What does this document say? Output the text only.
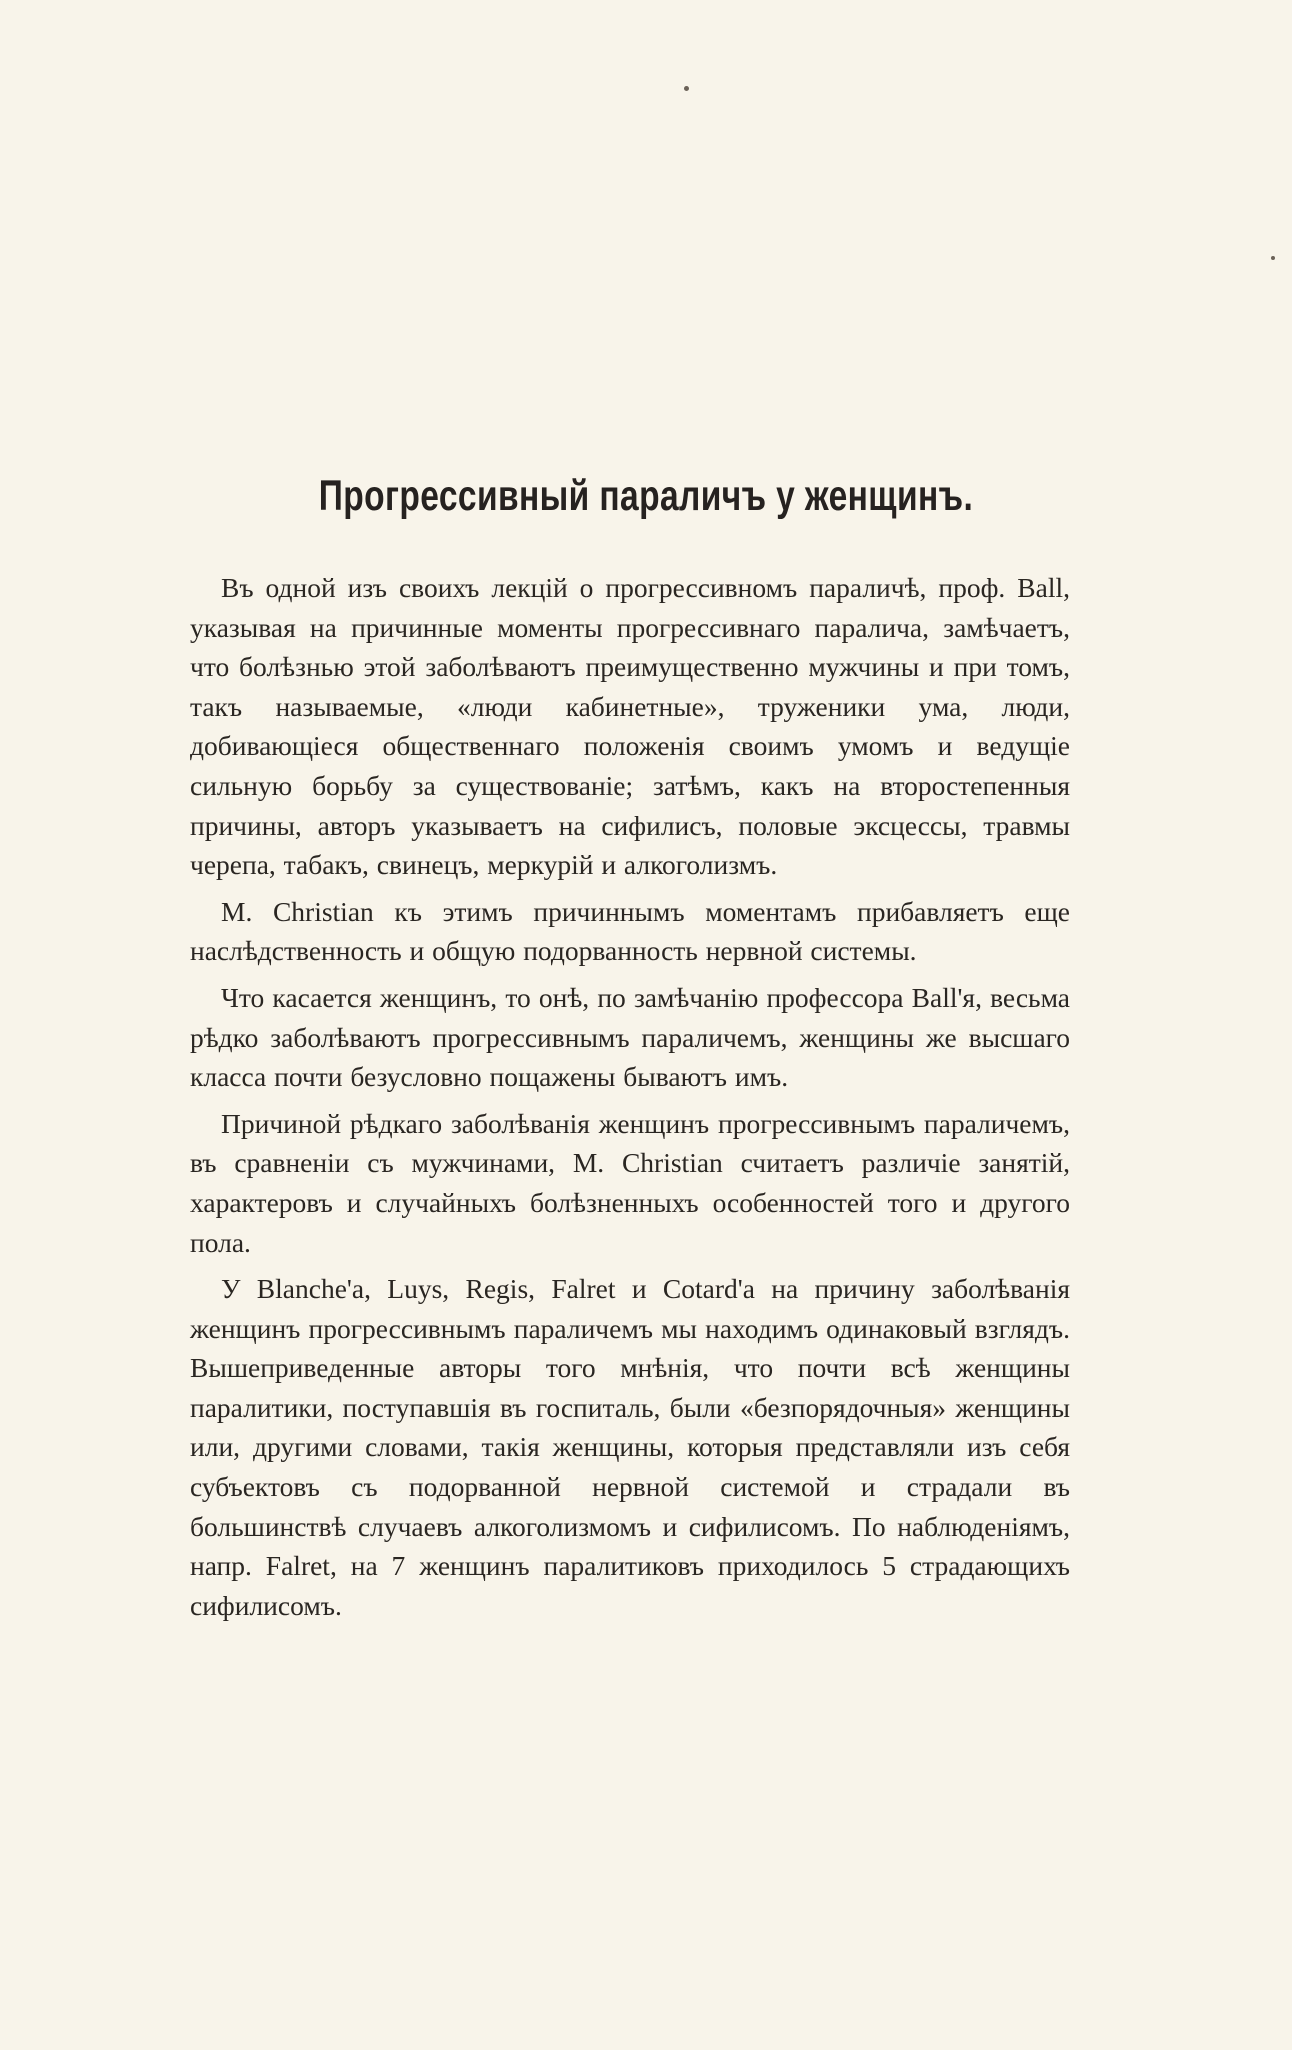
Прогрессивный параличъ у женщинъ.

Въ одной изъ своихъ лекцій о прогрессивномъ параличѣ, проф. Ball, указывая на причинные моменты прогрессивнаго паралича, замѣчаетъ, что болѣзнью этой заболѣваютъ преимущественно мужчины и при томъ, такъ называемые, «люди кабинетные», труженики ума, люди, добивающіеся общественнаго положенія своимъ умомъ и ведущіе сильную борьбу за существованіе; затѣмъ, какъ на второстепенныя причины, авторъ указываетъ на сифилисъ, половые эксцессы, травмы черепа, табакъ, свинецъ, меркурій и алкоголизмъ.

M. Christian къ этимъ причиннымъ моментамъ прибавляетъ еще наслѣдственность и общую подорванность нервной системы.

Что касается женщинъ, то онѣ, по замѣчанію профессора Ball'я, весьма рѣдко заболѣваютъ прогрессивнымъ параличемъ, женщины же высшаго класса почти безусловно пощажены бываютъ имъ.

Причиной рѣдкаго заболѣванія женщинъ прогрессивнымъ параличемъ, въ сравненіи съ мужчинами, M. Christian считаетъ различіе занятій, характеровъ и случайныхъ болѣзненныхъ особенностей того и другого пола.

У Blanche'a, Luys, Regis, Falret и Cotard'a на причину заболѣванія женщинъ прогрессивнымъ параличемъ мы находимъ одинаковый взглядъ. Вышеприведенные авторы того мнѣнія, что почти всѣ женщины паралитики, поступавшія въ госпиталь, были «безпорядочныя» женщины или, другими словами, такія женщины, которыя представляли изъ себя субъектовъ съ подорванной нервной системой и страдали въ большинствѣ случаевъ алкоголизмомъ и сифилисомъ. По наблюденіямъ, напр. Falret, на 7 женщинъ паралитиковъ приходилось 5 страдающихъ сифилисомъ.
